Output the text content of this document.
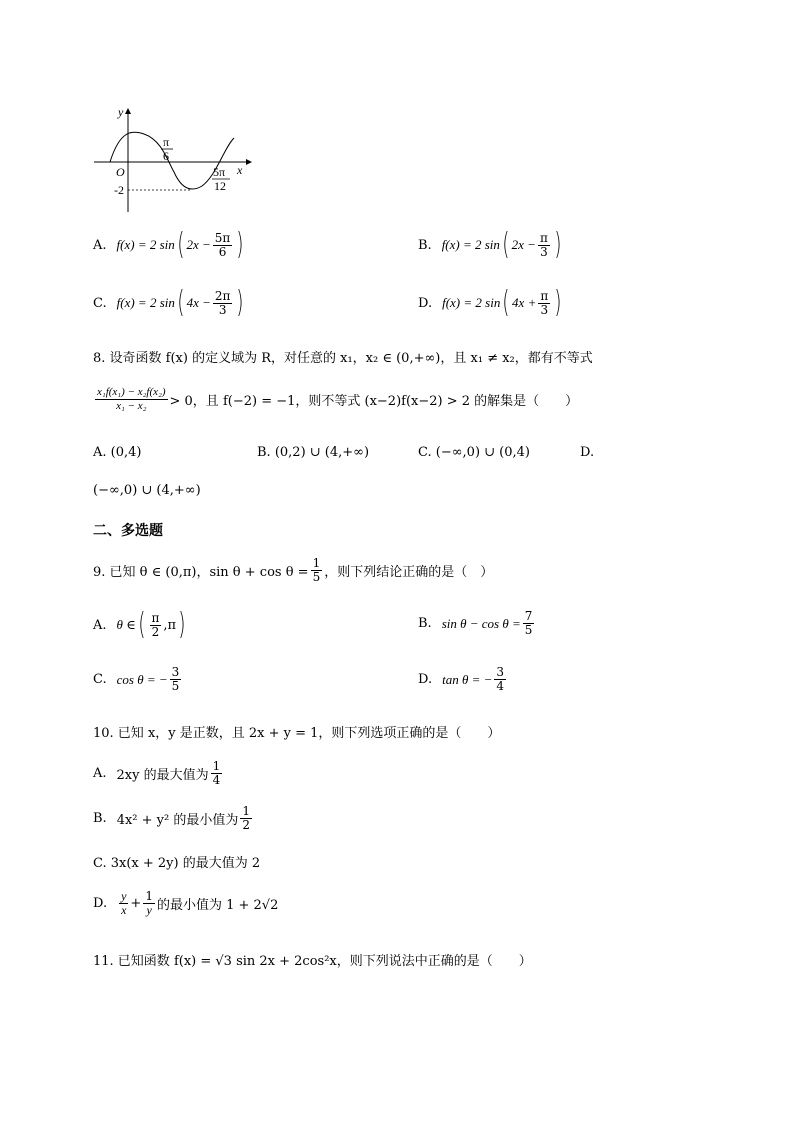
y
x
O
-2
π
6
5π
12
A. f(x) = 2 sin ( $2x - \frac{5\pi}{6}$ )	B. f(x) = 2 sin ( $2x - \frac{\pi}{3}$ )
C. f(x) = 2 sin ( $4x - \frac{2\pi}{3}$ )	D. f(x) = 2 sin ( $4x + \frac{\pi}{3}$ )
8. 设奇函数 f(x) 的定义域为 R，对任意的 x₁，x₂ ∈ (0,+∞)，且 x₁ ≠ x₂，都有不等式
$\frac{\text{x₁f(x₁) − x₂f(x₂)}}{\text{x₁ − x₂}} > 0$，且 f(−2) = −1，则不等式 (x−2)f(x−2) > 2 的解集是（　　）
A. (0,4)	B. (0,2) ∪ (4,+∞)	C. (−∞,0) ∪ (0,4)	D.
(−∞,0) ∪ (4,+∞)
二、多选题
9. 已知 θ ∈ (0,π)，$\sin \theta + \cos \theta = \frac{1}{5}$ ，则下列结论正确的是（　）
A. θ ∈ ( $\frac{\pi}{2} ,\pi$ )	B. $\sin \theta - \cos \theta = \frac{7}{5}$
C. cos θ = − $\frac{3}{5}$	D. tan θ = − $\frac{3}{4}$
10. 已知 x，y 是正数，且 2x + y = 1，则下列选项正确的是（　　）
A. 2xy 的最大值为 $\frac{1}{4}$
B. 4x² + y² 的最小值为 $\frac{1}{2}$
C. 3x(x + 2y) 的最大值为 2
D. $\frac{y}{x} + \frac{1}{y}$ 的最小值为 1 + 2√2
11. 已知函数 f(x) = √3 sin 2x + 2cos²x，则下列说法中正确的是（　　）
